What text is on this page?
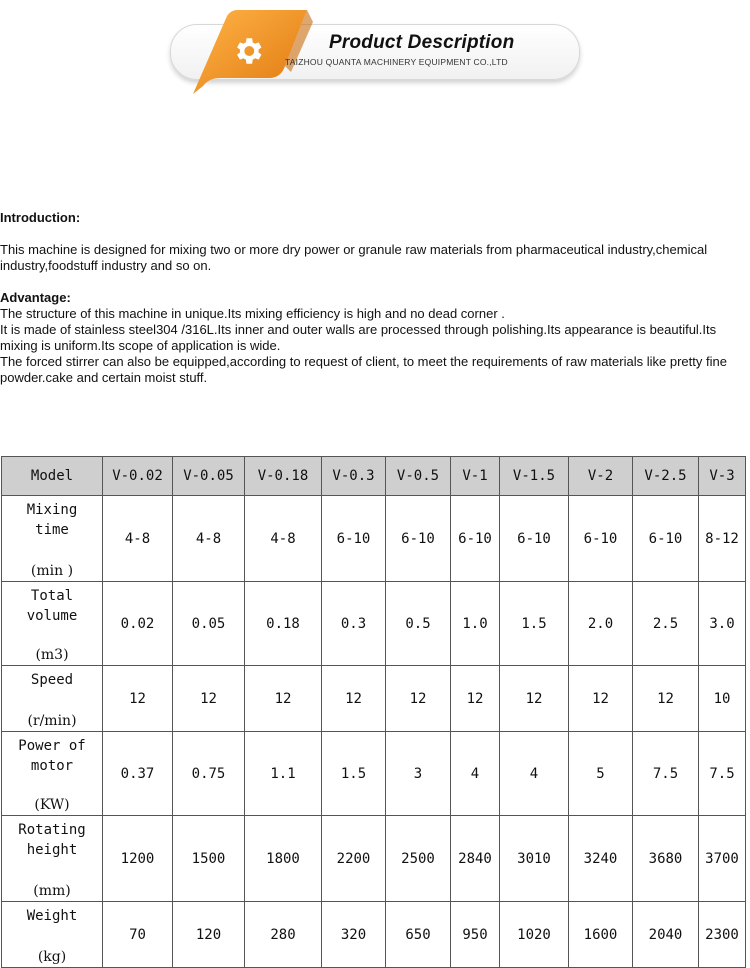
Product Description
TAIZHOU QUANTA MACHINERY EQUIPMENT CO.,LTD
Introduction:

This machine is designed for mixing two or more dry power or granule raw materials from pharmaceutical industry,chemical industry,foodstuff industry and so on.

Advantage:

The structure of this machine in unique.Its mixing efficiency is high and no dead corner .

It is made of stainless steel304 /316L.Its inner and outer walls are processed through polishing.Its appearance is beautiful.Its mixing is uniform.Its scope of application is wide.

The forced stirrer can also be equipped,according to request of client, to meet the requirements of raw materials like pretty fine powder.cake and certain moist stuff.

Model	V-0.02	V-0.05	V-0.18	V-0.3	V-0.5	V-1	V-1.5	V-2	V-2.5	V-3

Mixing
time
(min )	4-8	4-8	4-8	6-10	6-10	6-10	6-10	6-10	6-10	8-12

Total
volume
(m3)	0.02	0.05	0.18	0.3	0.5	1.0	1.5	2.0	2.5	3.0

Speed
(r/min)	12	12	12	12	12	12	12	12	12	10

Power of
motor
(KW)	0.37	0.75	1.1	1.5	3	4	4	5	7.5	7.5

Rotating
height
(mm)	1200	1500	1800	2200	2500	2840	3010	3240	3680	3700

Weight
(kg)	70	120	280	320	650	950	1020	1600	2040	2300
